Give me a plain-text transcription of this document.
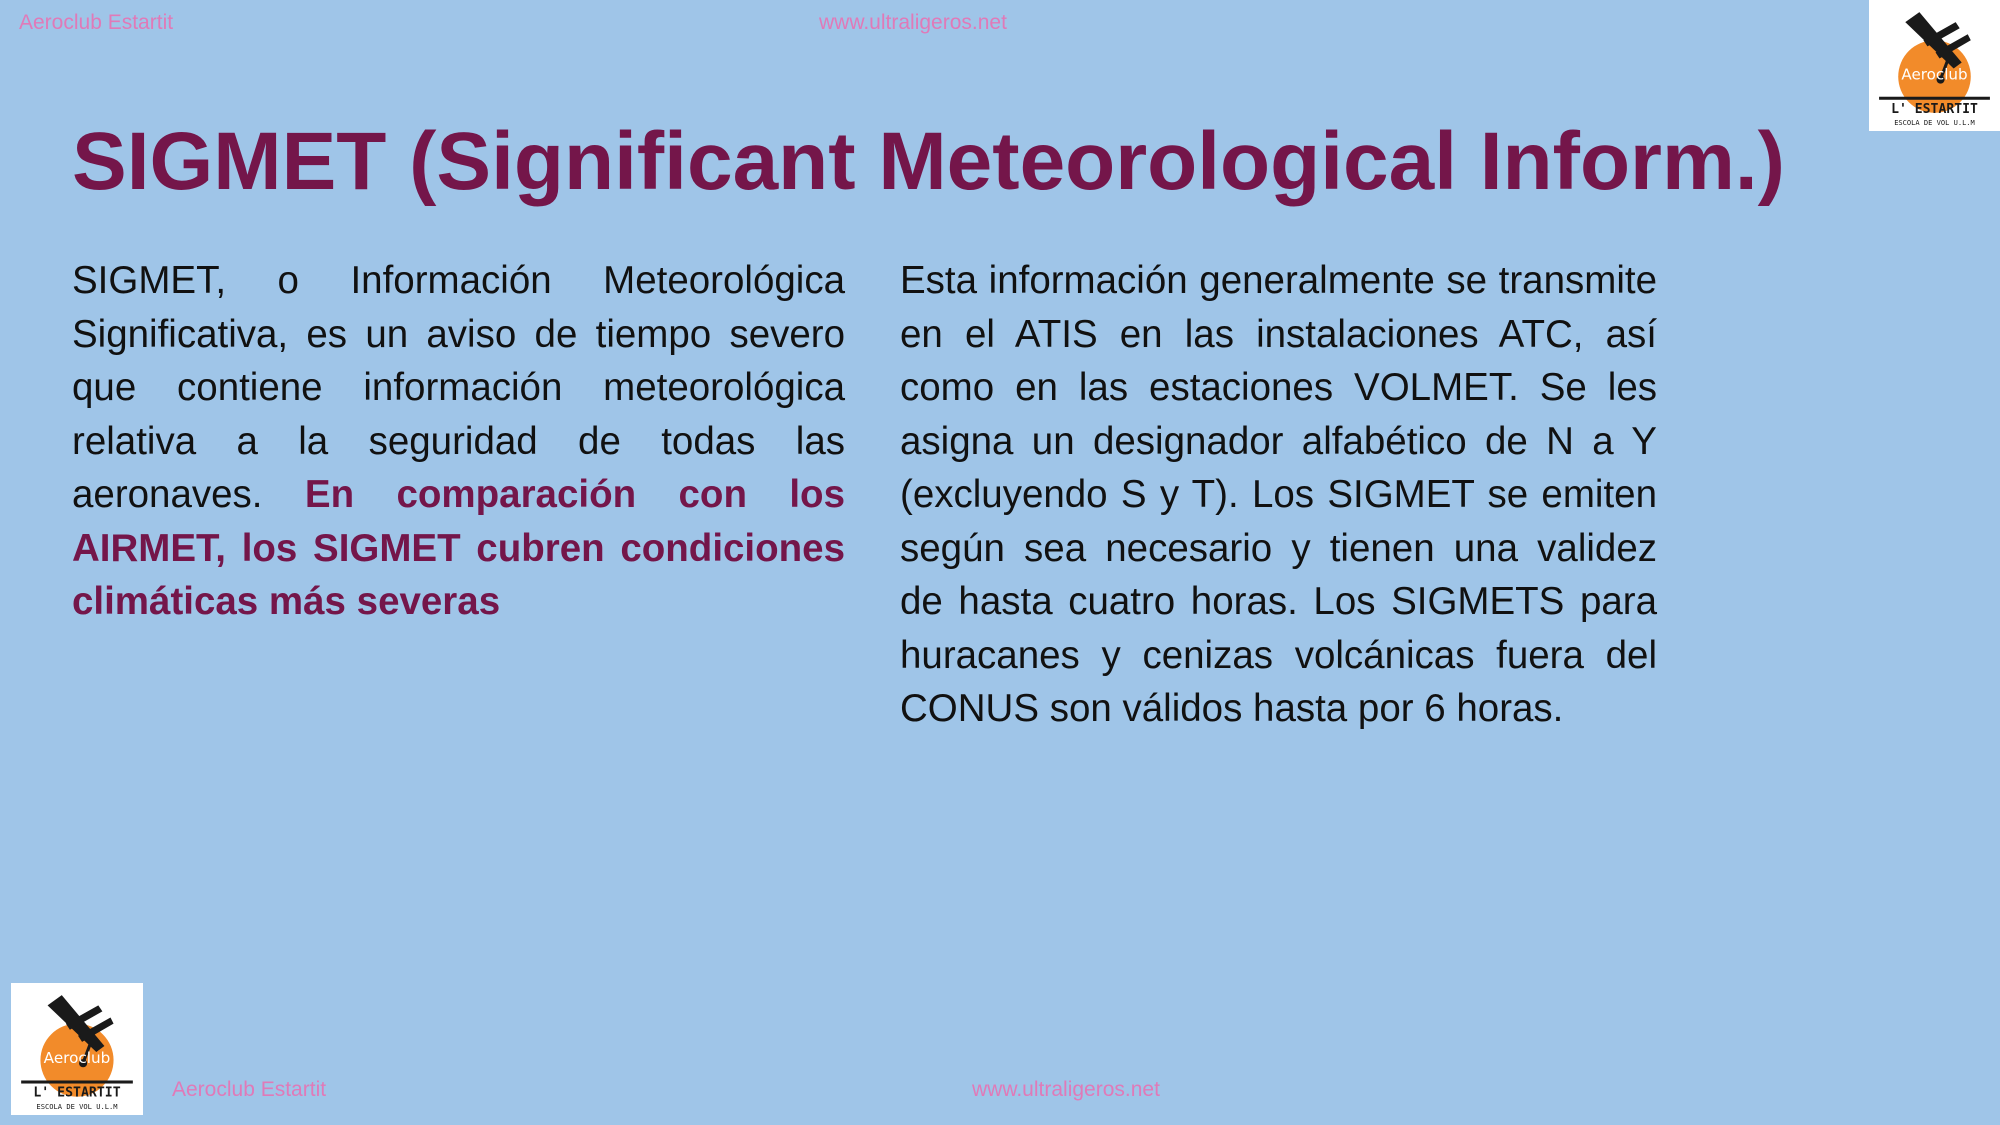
Aeroclub Estartit	www.ultraligeros.net
Aeroclub
L' ESTARTIT
ESCOLA DE VOL U.L.M
SIGMET (Significant Meteorological Inform.)

SIGMET, o Información Meteorológica Significativa, es un aviso de tiempo severo que contiene información meteorológica relativa a la seguridad de todas las aeronaves. En comparación con los AIRMET, los SIGMET cubren condiciones climáticas más severas

Esta información generalmente se transmite en el ATIS en las instalaciones ATC, así como en las estaciones VOLMET. Se les asigna un designador alfabético de N a Y (excluyendo S y T). Los SIGMET se emiten según sea necesario y tienen una validez de hasta cuatro horas. Los SIGMETS para huracanes y cenizas volcánicas fuera del CONUS son válidos hasta por 6 horas.

Aeroclub
L' ESTARTIT
ESCOLA DE VOL U.L.M
Aeroclub Estartit	www.ultraligeros.net
